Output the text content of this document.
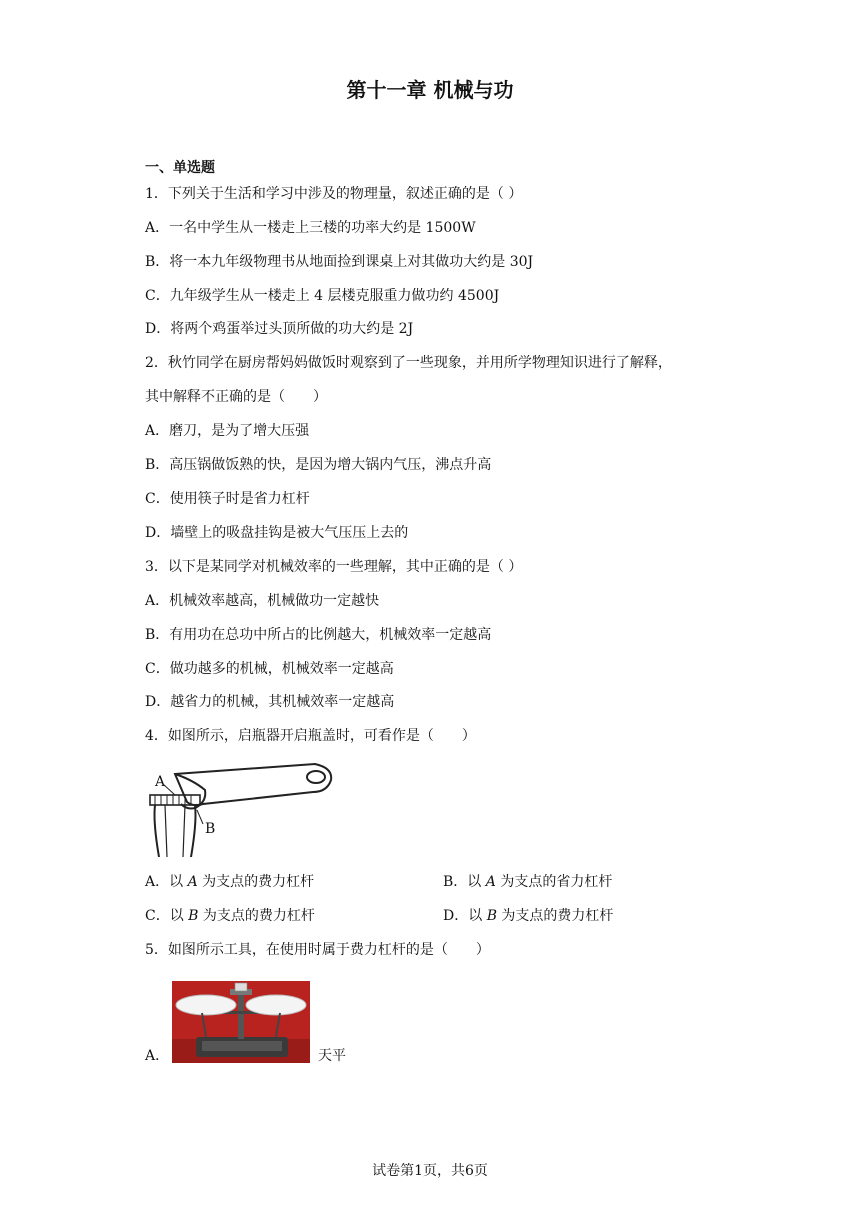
第十一章 机械与功
一、单选题
1．下列关于生活和学习中涉及的物理量，叙述正确的是（ ）
A．一名中学生从一楼走上三楼的功率大约是 1500W
B．将一本九年级物理书从地面捡到课桌上对其做功大约是 30J
C．九年级学生从一楼走上 4 层楼克服重力做功约 4500J
D．将两个鸡蛋举过头顶所做的功大约是 2J
2．秋竹同学在厨房帮妈妈做饭时观察到了一些现象，并用所学物理知识进行了解释，
其中解释不正确的是（　　）
A．磨刀，是为了增大压强
B．高压锅做饭熟的快，是因为增大锅内气压，沸点升高
C．使用筷子时是省力杠杆
D．墙壁上的吸盘挂钩是被大气压压上去的
3．以下是某同学对机械效率的一些理解，其中正确的是（ ）
A．机械效率越高，机械做功一定越快
B．有用功在总功中所占的比例越大，机械效率一定越高
C．做功越多的机械，机械效率一定越高
D．越省力的机械，其机械效率一定越高
4．如图所示，启瓶器开启瓶盖时，可看作是（　　）
A
B
A．以 A 为支点的费力杠杆	B．以 A 为支点的省力杠杆
C．以 B 为支点的费力杠杆	D．以 B 为支点的费力杠杆
5．如图所示工具，在使用时属于费力杠杆的是（　　）
A．	天平
试卷第1页，共6页
